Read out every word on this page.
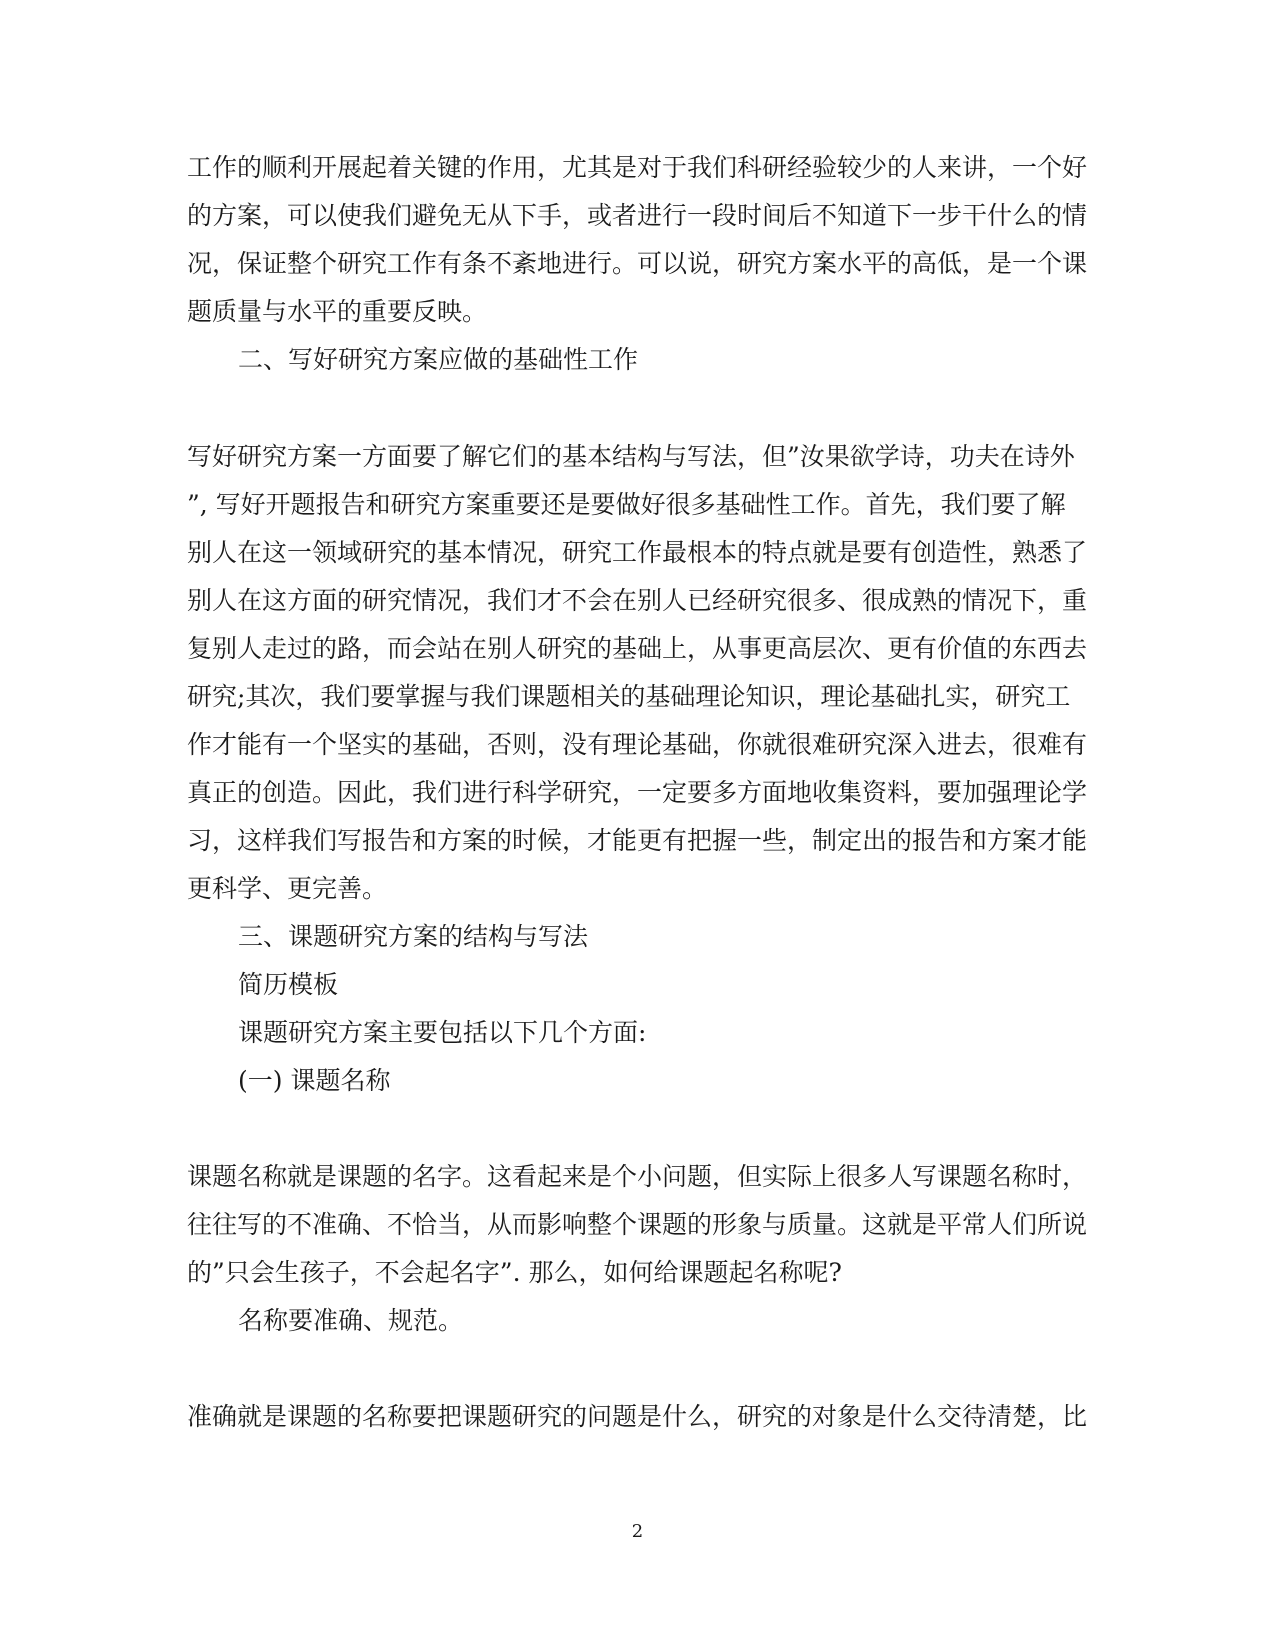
工作的顺利开展起着关键的作用，尤其是对于我们科研经验较少的人来讲，一个好
的方案，可以使我们避免无从下手，或者进行一段时间后不知道下一步干什么的情
况，保证整个研究工作有条不紊地进行。可以说，研究方案水平的高低，是一个课
题质量与水平的重要反映。
二、写好研究方案应做的基础性工作
写好研究方案一方面要了解它们的基本结构与写法，但”汝果欲学诗，功夫在诗外
”, 写好开题报告和研究方案重要还是要做好很多基础性工作。首先，我们要了解
别人在这一领域研究的基本情况，研究工作最根本的特点就是要有创造性，熟悉了
别人在这方面的研究情况，我们才不会在别人已经研究很多、很成熟的情况下，重
复别人走过的路，而会站在别人研究的基础上，从事更高层次、更有价值的东西去
研究;其次，我们要掌握与我们课题相关的基础理论知识，理论基础扎实，研究工
作才能有一个坚实的基础，否则，没有理论基础，你就很难研究深入进去，很难有
真正的创造。因此，我们进行科学研究，一定要多方面地收集资料，要加强理论学
习，这样我们写报告和方案的时候，才能更有把握一些，制定出的报告和方案才能
更科学、更完善。
三、课题研究方案的结构与写法
简历模板
课题研究方案主要包括以下几个方面:
(一) 课题名称
课题名称就是课题的名字。这看起来是个小问题，但实际上很多人写课题名称时，
往往写的不准确、不恰当，从而影响整个课题的形象与质量。这就是平常人们所说
的”只会生孩子，不会起名字”. 那么，如何给课题起名称呢?
名称要准确、规范。
准确就是课题的名称要把课题研究的问题是什么，研究的对象是什么交待清楚，比
2
